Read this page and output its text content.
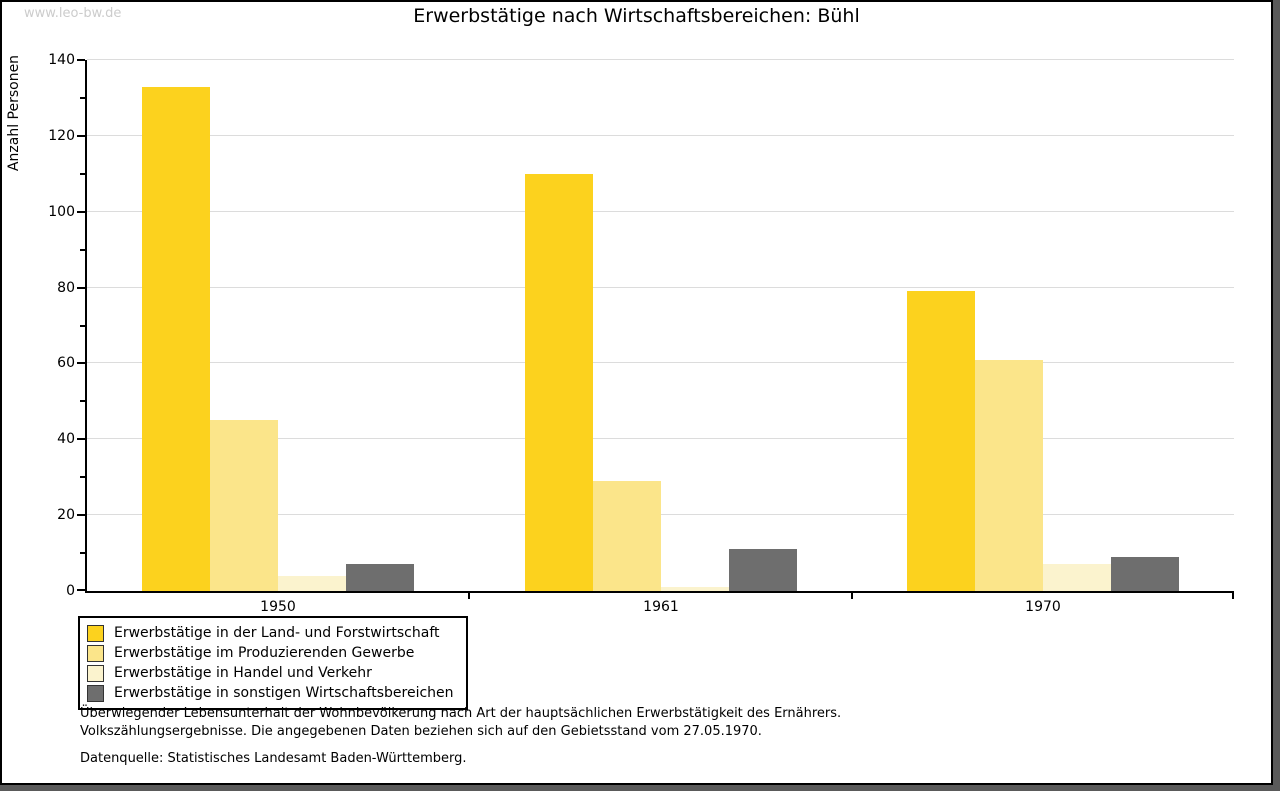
www.leo-bw.de	Erwerbstätige nach Wirtschaftsbereichen: Bühl
Anzahl Personen
0
20
40
60
80
100
120
140
1950	1961	1970
Erwerbstätige in der Land- und Forstwirtschaft
Erwerbstätige im Produzierenden Gewerbe
Erwerbstätige in Handel und Verkehr
Erwerbstätige in sonstigen Wirtschaftsbereichen
Überwiegender Lebensunterhalt der Wohnbevölkerung nach Art der hauptsächlichen Erwerbstätigkeit des Ernährers.
Volkszählungsergebnisse. Die angegebenen Daten beziehen sich auf den Gebietsstand vom 27.05.1970.
Datenquelle: Statistisches Landesamt Baden-Württemberg.
